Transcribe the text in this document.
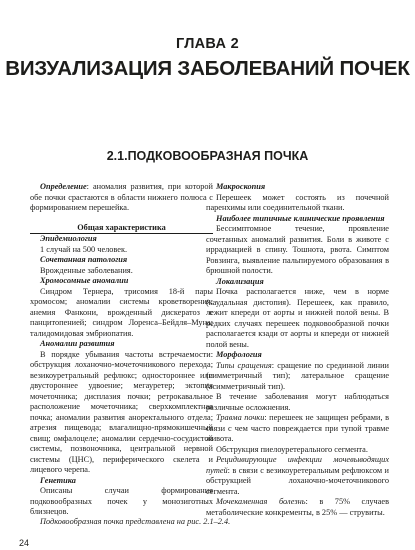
ГЛАВА 2
ВИЗУАЛИЗАЦИЯ ЗАБОЛЕВАНИЙ ПОЧЕК
2.1.ПОДКОВООБРАЗНАЯ ПОЧКА

Определение: аномалия развития, при которой обе почки срастаются в области нижнего полюса с формированием перешейка.

Общая характеристика

Эпидемиология

1 случай на 500 человек.

Сочетанная патология

Врожденные заболевания.

Хромосомные аномалии

Синдром Тернера, трисомия 18-й пары хромосом; аномалии системы кроветворения: анемия Фанкони, врожденный дискератоз с панцитопенией; синдром Лоренса–Бейдля–Муна; талидомидовая эмбриопатия.

Аномалии развития

В порядке убывания частоты встречаемости: обструкция лоханочно-мочеточникового перехода; везикоуретральный рефлюкс; одностороннее или двустороннее удвоение; мегауретер; эктопия мочеточника; дисплазия почки; ретрокавальное расположение мочеточника; сверхкомплектная почка; аномалии развития аноректального отдела; атрезия пищевода; влагалищно-прямокишечный свищ; омфалоцеле; аномалии сердечно-сосудистой системы, позвоночника, центральной нервной системы (ЦНС), периферического скелета и лицевого черепа.

Генетика

Описаны случаи формирования подковообразных почек у монозиготных близнецов.

Макроскопия

Перешеек может состоять из почечной паренхимы или соединительной ткани.

Наиболее типичные клинические проявления

Бессимптомное течение, проявление сочетанных аномалий развития. Боли в животе с иррадиацией в спину. Тошнота, рвота. Симптом Ровзинга, выявление пальпируемого образования в брюшной полости.

Локализация

Почка располагается ниже, чем в норме (каудальная дистопия). Перешеек, как правило, лежит кпереди от аорты и нижней полой вены. В редких случаях перешеек подковообразной почки располагается кзади от аорты и кпереди от нижней полой вены.

Морфология

Типы сращения: сращение по срединной линии (симметричный тип); латеральное сращение (асимметричный тип).

В течение заболевания могут наблюдаться различные осложнения.

Травма почки: перешеек не защищен ребрами, в связи с чем часто повреждается при тупой травме живота.

Обструкция пиелоуретерального сегмента.

Рецидивирующие инфекции мочевыводящих путей: в связи с везикоуретеральным рефлюксом и обструкцией лоханочно-мочеточникового сегмента.

Мочекаменная болезнь: в 75% случаев метаболические конкременты, в 25% — струвиты.

Подковообразная почка представлена на рис. 2.1–2.4.
24
